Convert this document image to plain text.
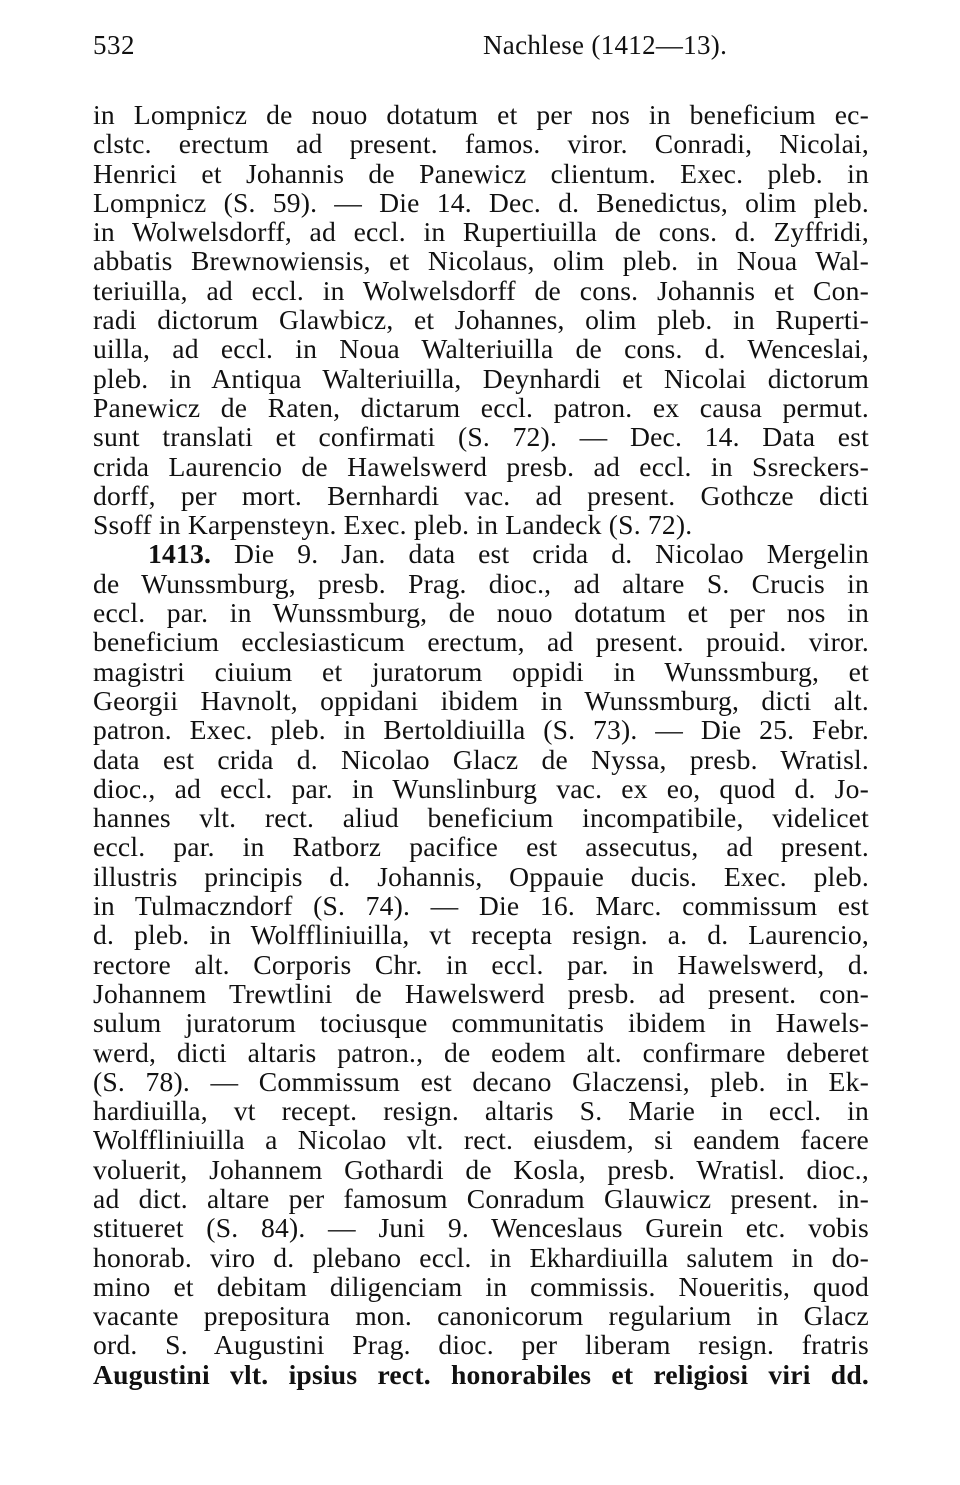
532	Nachlese (1412—13).
in Lompnicz de nouo dotatum et per nos in beneficium ec-
clstc. erectum ad present. famos. viror. Conradi, Nicolai,
Henrici et Johannis de Panewicz clientum. Exec. pleb. in
Lompnicz (S. 59). — Die 14. Dec. d. Benedictus, olim pleb.
in Wolwelsdorff, ad eccl. in Rupertiuilla de cons. d. Zyffridi,
abbatis Brewnowiensis, et Nicolaus, olim pleb. in Noua Wal-
teriuilla, ad eccl. in Wolwelsdorff de cons. Johannis et Con-
radi dictorum Glawbicz, et Johannes, olim pleb. in Ruperti-
uilla, ad eccl. in Noua Walteriuilla de cons. d. Wenceslai,
pleb. in Antiqua Walteriuilla, Deynhardi et Nicolai dictorum
Panewicz de Raten, dictarum eccl. patron. ex causa permut.
sunt translati et confirmati (S. 72). — Dec. 14. Data est
crida Laurencio de Hawelswerd presb. ad eccl. in Ssreckers-
dorff, per mort. Bernhardi vac. ad present. Gothcze dicti
Ssoff in Karpensteyn. Exec. pleb. in Landeck (S. 72).
1413. Die 9. Jan. data est crida d. Nicolao Mergelin
de Wunssmburg, presb. Prag. dioc., ad altare S. Crucis in
eccl. par. in Wunssmburg, de nouo dotatum et per nos in
beneficium ecclesiasticum erectum, ad present. prouid. viror.
magistri ciuium et juratorum oppidi in Wunssmburg, et
Georgii Havnolt, oppidani ibidem in Wunssmburg, dicti alt.
patron. Exec. pleb. in Bertoldiuilla (S. 73). — Die 25. Febr.
data est crida d. Nicolao Glacz de Nyssa, presb. Wratisl.
dioc., ad eccl. par. in Wunslinburg vac. ex eo, quod d. Jo-
hannes vlt. rect. aliud beneficium incompatibile, videlicet
eccl. par. in Ratborz pacifice est assecutus, ad present.
illustris principis d. Johannis, Oppauie ducis. Exec. pleb.
in Tulmaczndorf (S. 74). — Die 16. Marc. commissum est
d. pleb. in Wolffliniuilla, vt recepta resign. a. d. Laurencio,
rectore alt. Corporis Chr. in eccl. par. in Hawelswerd, d.
Johannem Trewtlini de Hawelswerd presb. ad present. con-
sulum juratorum tociusque communitatis ibidem in Hawels-
werd, dicti altaris patron., de eodem alt. confirmare deberet
(S. 78). — Commissum est decano Glaczensi, pleb. in Ek-
hardiuilla, vt recept. resign. altaris S. Marie in eccl. in
Wolffliniuilla a Nicolao vlt. rect. eiusdem, si eandem facere
voluerit, Johannem Gothardi de Kosla, presb. Wratisl. dioc.,
ad dict. altare per famosum Conradum Glauwicz present. in-
stitueret (S. 84). — Juni 9. Wenceslaus Gurein etc. vobis
honorab. viro d. plebano eccl. in Ekhardiuilla salutem in do-
mino et debitam diligenciam in commissis. Noueritis, quod
vacante prepositura mon. canonicorum regularium in Glacz
ord. S. Augustini Prag. dioc. per liberam resign. fratris
Augustini vlt. ipsius rect. honorabiles et religiosi viri dd.
